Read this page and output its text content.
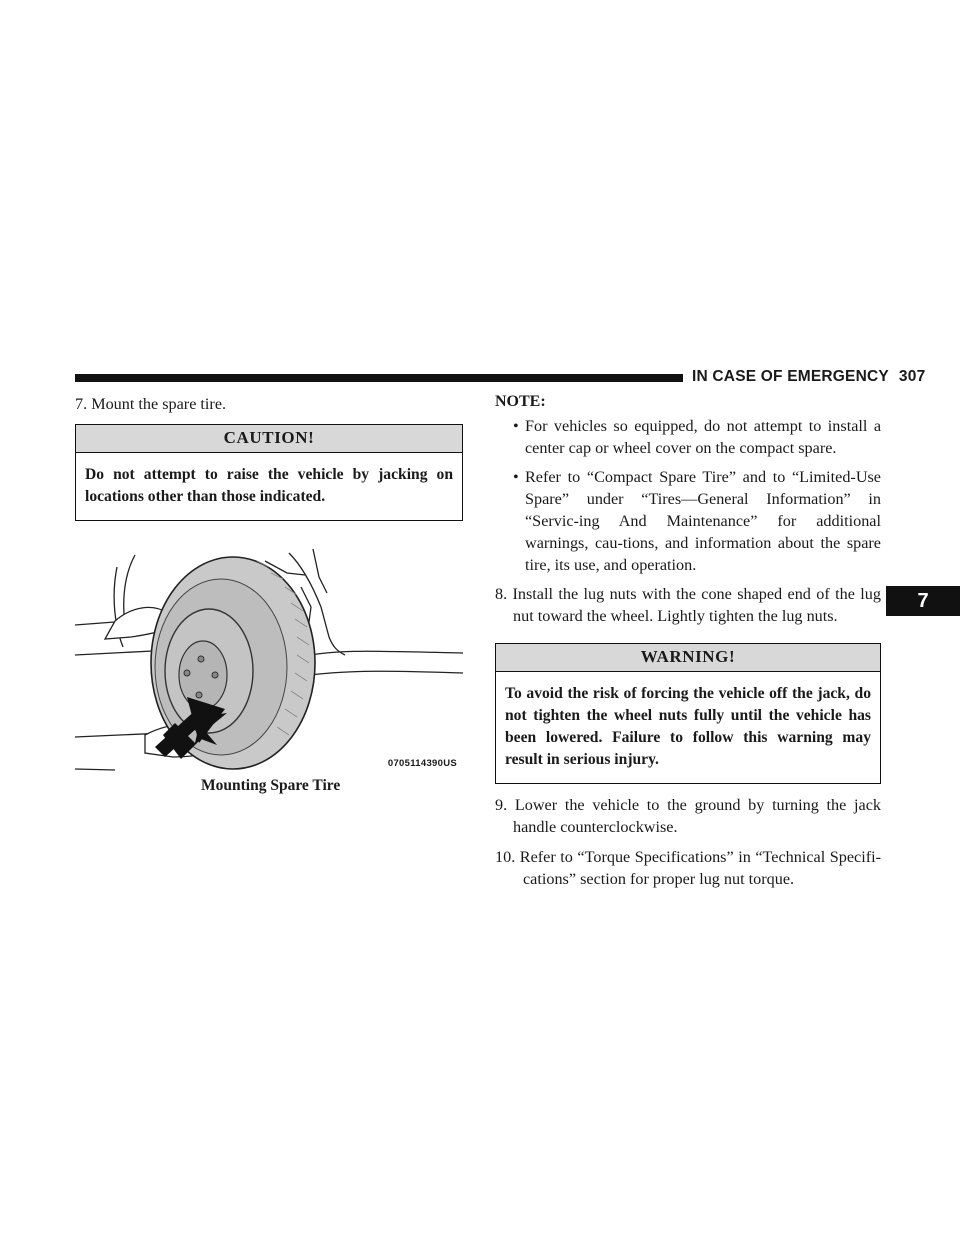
IN CASE OF EMERGENCY 307
7

7. Mount the spare tire.

CAUTION!
Do not attempt to raise the vehicle by jacking on locations other than those indicated.
0705114390US
Mounting Spare Tire
NOTE:
• For vehicles so equipped, do not attempt to install a center cap or wheel cover on the compact spare.
• Refer to “Compact Spare Tire” and to “Limited-Use Spare” under “Tires—General Information” in “Servic-ing And Maintenance” for additional warnings, cau-tions, and information about the spare tire, its use, and operation.

8. Install the lug nuts with the cone shaped end of the lug nut toward the wheel. Lightly tighten the lug nuts.

WARNING!
To avoid the risk of forcing the vehicle off the jack, do not tighten the wheel nuts fully until the vehicle has been lowered. Failure to follow this warning may result in serious injury.

9. Lower the vehicle to the ground by turning the jack handle counterclockwise.

10. Refer to “Torque Specifications” in “Technical Specifi-cations” section for proper lug nut torque.
